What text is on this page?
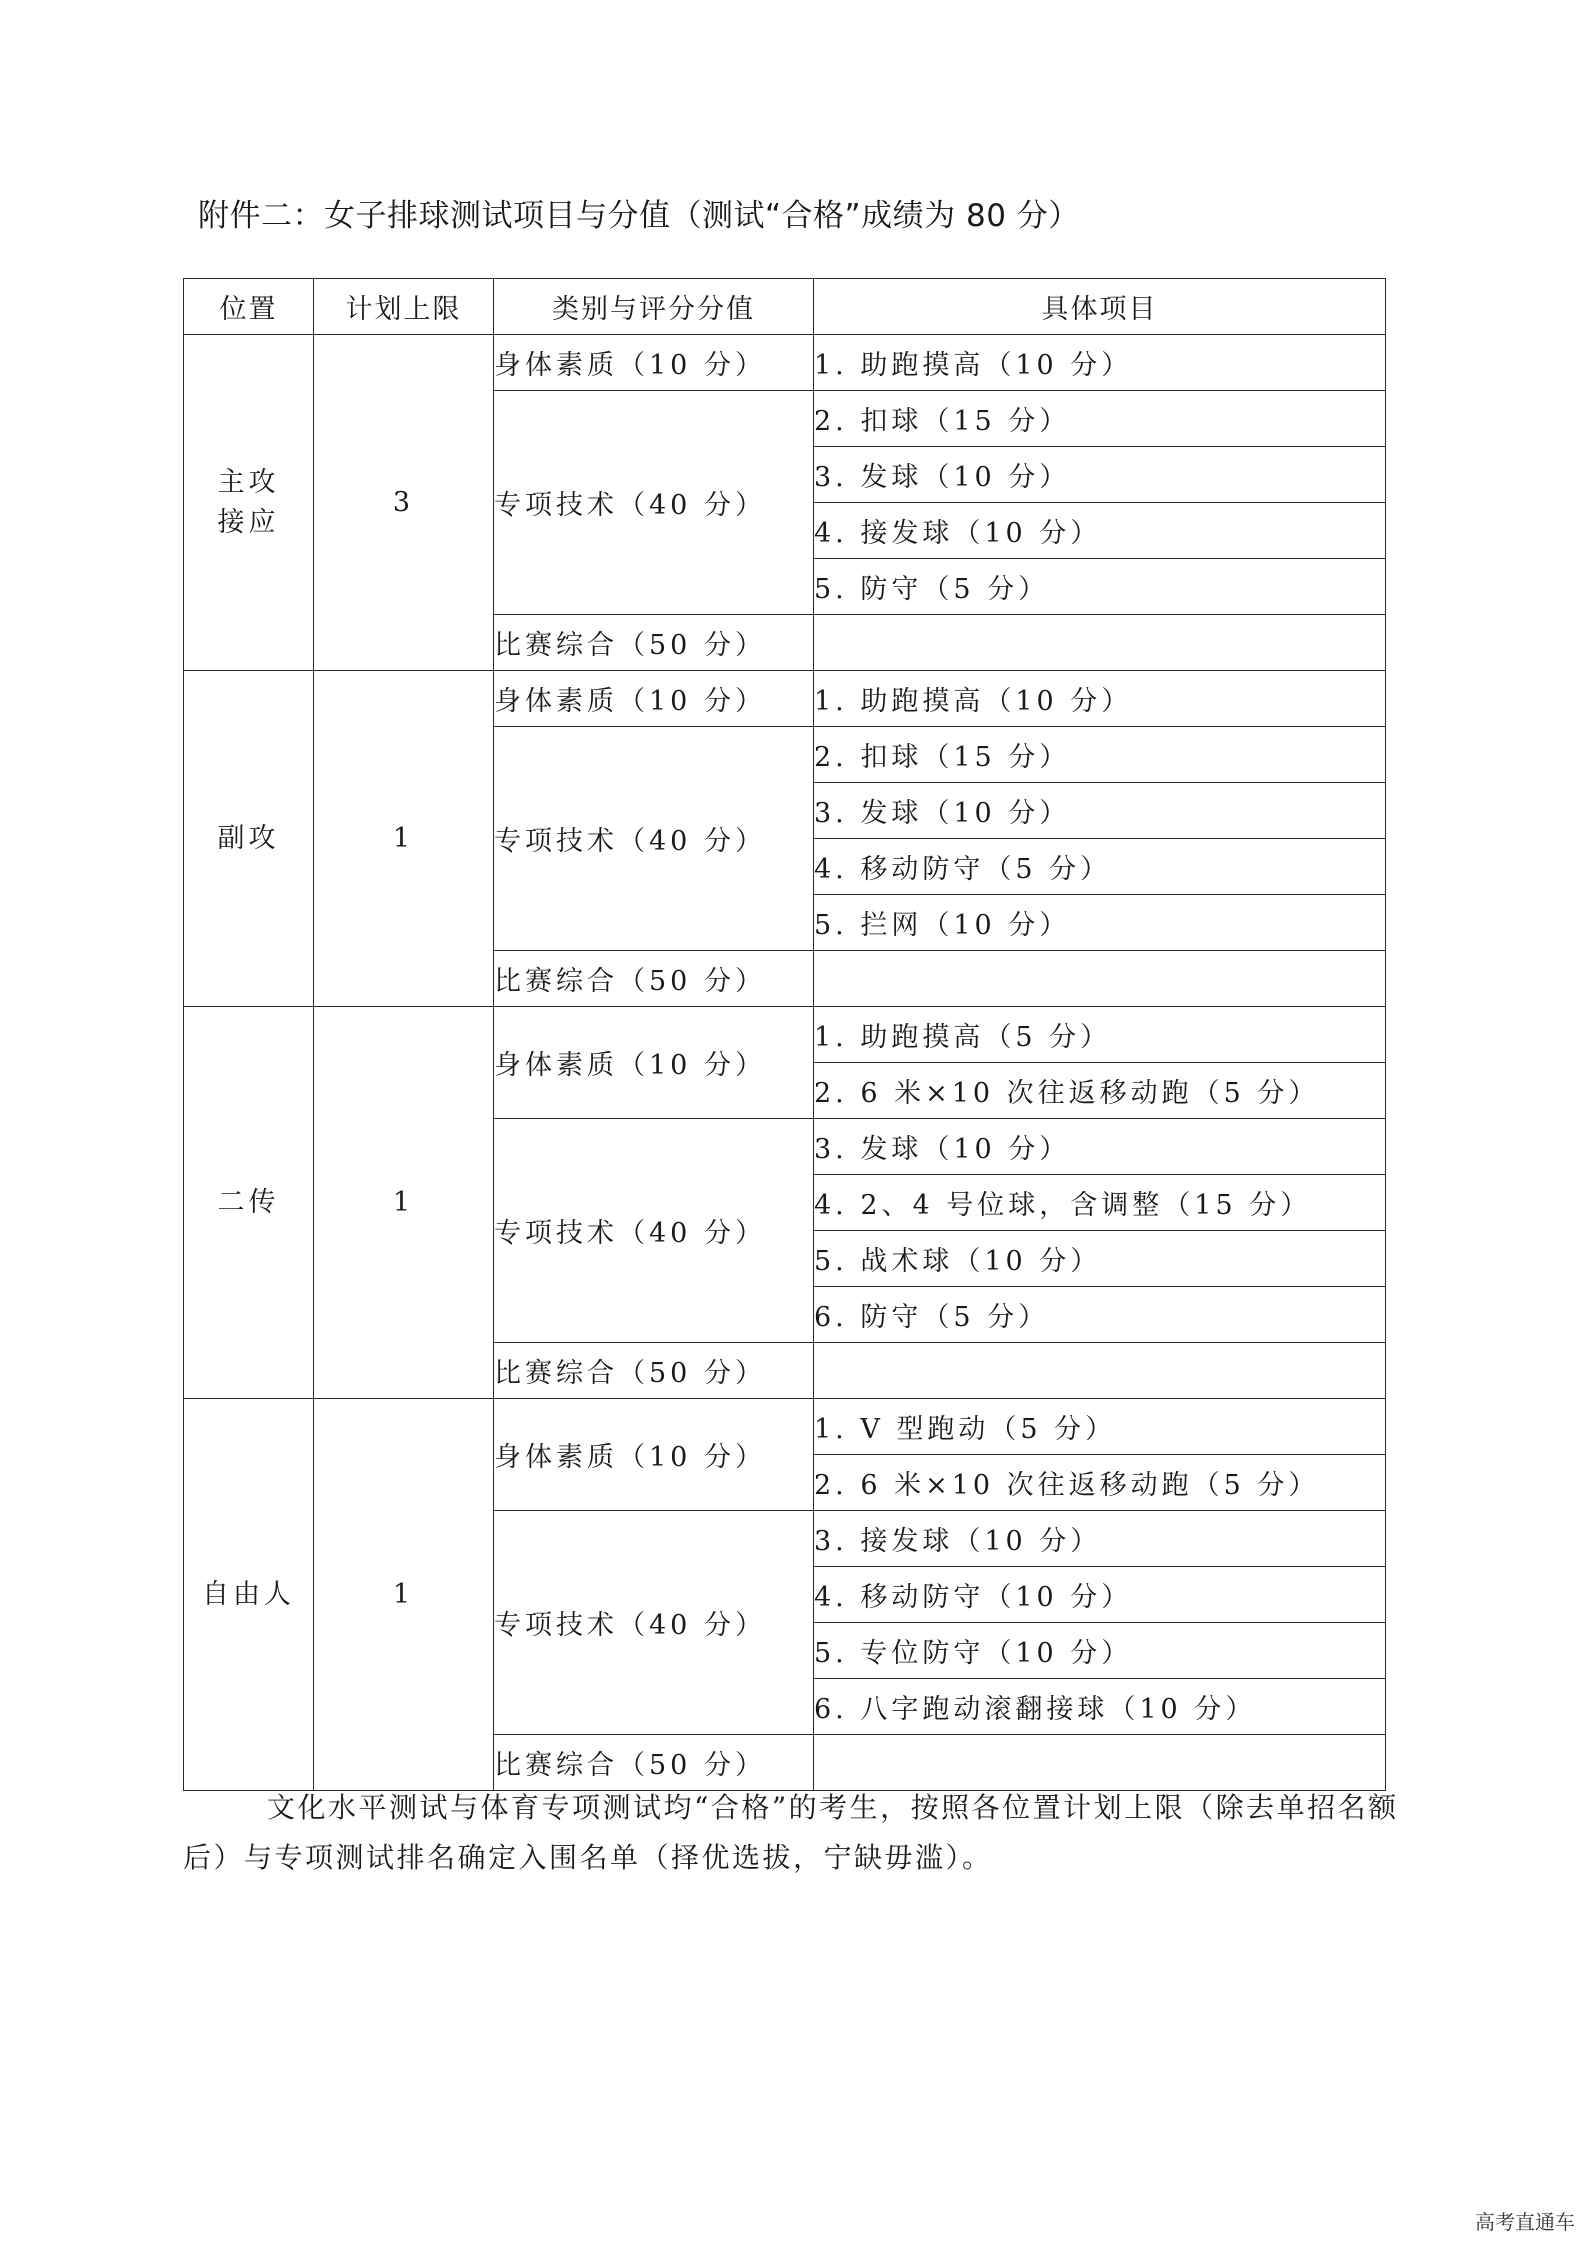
附件二：女子排球测试项目与分值（测试“合格”成绩为 80 分）
位置	计划上限	类别与评分分值	具体项目
主攻
接应	3	身体素质（10 分）	1. 助跑摸高（10 分）
		专项技术（40 分）	2. 扣球（15 分）
			3. 发球（10 分）
			4. 接发球（10 分）
			5. 防守（5 分）
		比赛综合（50 分）	
副攻	1	身体素质（10 分）	1. 助跑摸高（10 分）
		专项技术（40 分）	2. 扣球（15 分）
			3. 发球（10 分）
			4. 移动防守（5 分）
			5. 拦网（10 分）
		比赛综合（50 分）	
二传	1	身体素质（10 分）	1. 助跑摸高（5 分）
			2. 6 米×10 次往返移动跑（5 分）
		专项技术（40 分）	3. 发球（10 分）
			4. 2、4 号位球，含调整（15 分）
			5. 战术球（10 分）
			6. 防守（5 分）
		比赛综合（50 分）	
自由人	1	身体素质（10 分）	1. V 型跑动（5 分）
			2. 6 米×10 次往返移动跑（5 分）
		专项技术（40 分）	3. 接发球（10 分）
			4. 移动防守（10 分）
			5. 专位防守（10 分）
			6. 八字跑动滚翻接球（10 分）
		比赛综合（50 分）	
文化水平测试与体育专项测试均“合格”的考生，按照各位置计划上限（除去单招名额后）与专项测试排名确定入围名单（择优选拔，宁缺毋滥）。
高考直通车
